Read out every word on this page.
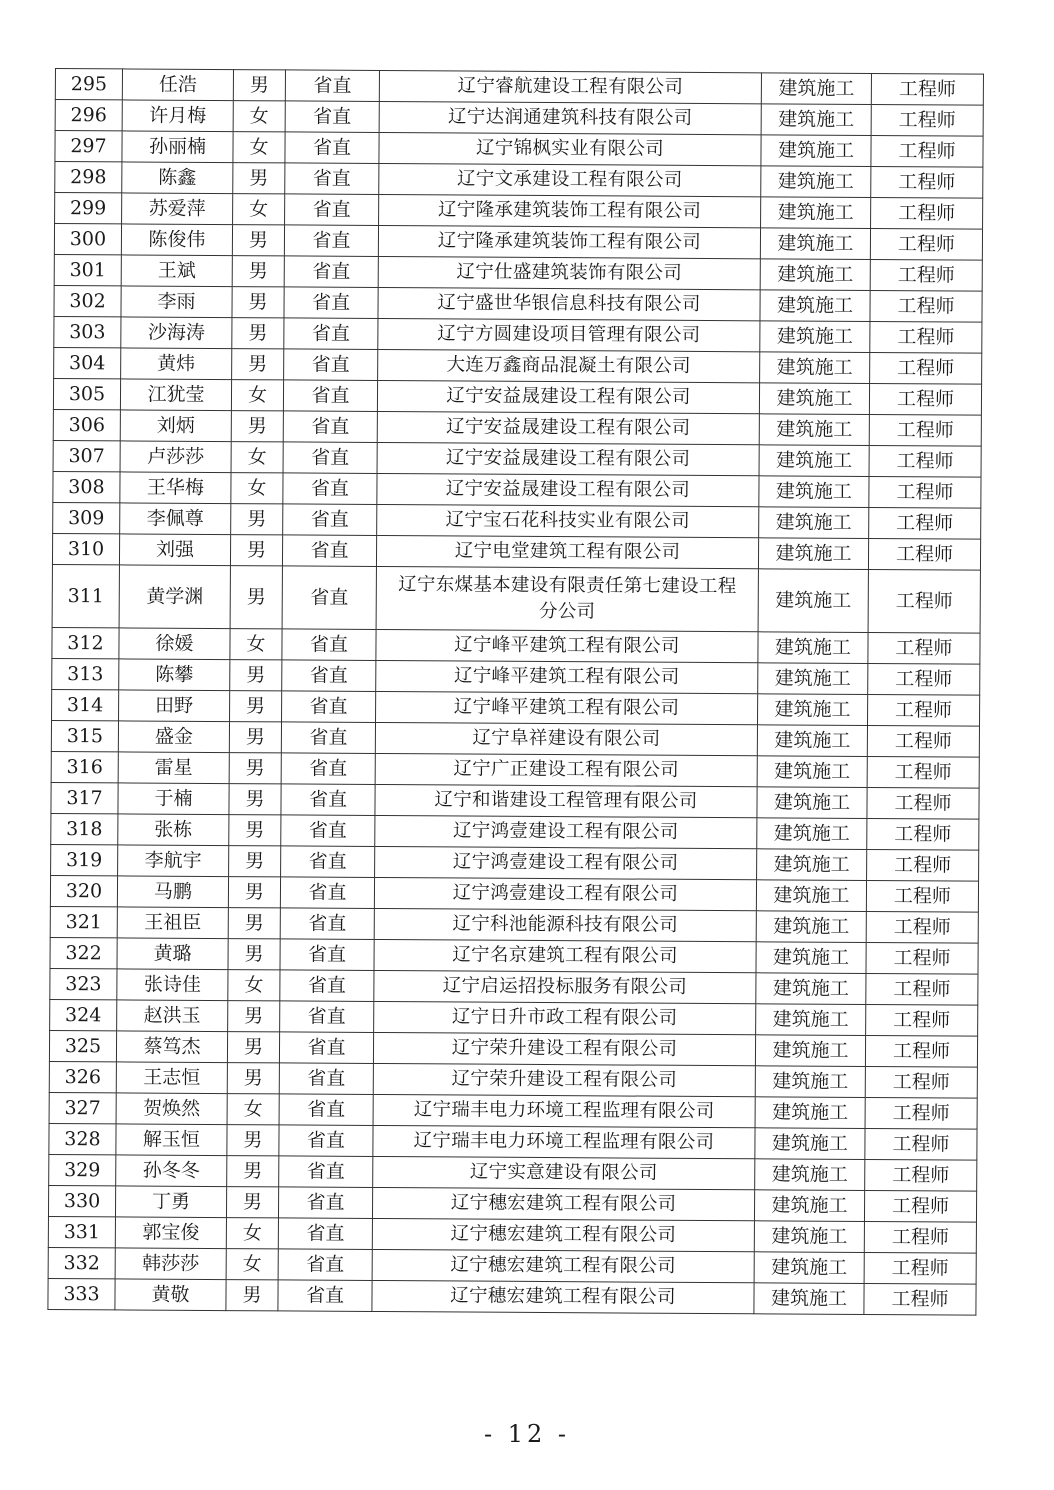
295	任浩	男	省直	辽宁睿航建设工程有限公司	建筑施工	工程师
296	许月梅	女	省直	辽宁达润通建筑科技有限公司	建筑施工	工程师
297	孙丽楠	女	省直	辽宁锦枫实业有限公司	建筑施工	工程师
298	陈鑫	男	省直	辽宁文承建设工程有限公司	建筑施工	工程师
299	苏爱萍	女	省直	辽宁隆承建筑装饰工程有限公司	建筑施工	工程师
300	陈俊伟	男	省直	辽宁隆承建筑装饰工程有限公司	建筑施工	工程师
301	王斌	男	省直	辽宁仕盛建筑装饰有限公司	建筑施工	工程师
302	李雨	男	省直	辽宁盛世华银信息科技有限公司	建筑施工	工程师
303	沙海涛	男	省直	辽宁方圆建设项目管理有限公司	建筑施工	工程师
304	黄炜	男	省直	大连万鑫商品混凝土有限公司	建筑施工	工程师
305	江犹莹	女	省直	辽宁安益晟建设工程有限公司	建筑施工	工程师
306	刘炳	男	省直	辽宁安益晟建设工程有限公司	建筑施工	工程师
307	卢莎莎	女	省直	辽宁安益晟建设工程有限公司	建筑施工	工程师
308	王华梅	女	省直	辽宁安益晟建设工程有限公司	建筑施工	工程师
309	李佩尊	男	省直	辽宁宝石花科技实业有限公司	建筑施工	工程师
310	刘强	男	省直	辽宁电堂建筑工程有限公司	建筑施工	工程师
311	黄学渊	男	省直	辽宁东煤基本建设有限责任第七建设工程分公司	建筑施工	工程师
312	徐媛	女	省直	辽宁峰平建筑工程有限公司	建筑施工	工程师
313	陈攀	男	省直	辽宁峰平建筑工程有限公司	建筑施工	工程师
314	田野	男	省直	辽宁峰平建筑工程有限公司	建筑施工	工程师
315	盛金	男	省直	辽宁阜祥建设有限公司	建筑施工	工程师
316	雷星	男	省直	辽宁广正建设工程有限公司	建筑施工	工程师
317	于楠	男	省直	辽宁和谐建设工程管理有限公司	建筑施工	工程师
318	张栋	男	省直	辽宁鸿壹建设工程有限公司	建筑施工	工程师
319	李航宇	男	省直	辽宁鸿壹建设工程有限公司	建筑施工	工程师
320	马鹏	男	省直	辽宁鸿壹建设工程有限公司	建筑施工	工程师
321	王祖臣	男	省直	辽宁科池能源科技有限公司	建筑施工	工程师
322	黄璐	男	省直	辽宁名京建筑工程有限公司	建筑施工	工程师
323	张诗佳	女	省直	辽宁启运招投标服务有限公司	建筑施工	工程师
324	赵洪玉	男	省直	辽宁日升市政工程有限公司	建筑施工	工程师
325	蔡笃杰	男	省直	辽宁荣升建设工程有限公司	建筑施工	工程师
326	王志恒	男	省直	辽宁荣升建设工程有限公司	建筑施工	工程师
327	贺焕然	女	省直	辽宁瑞丰电力环境工程监理有限公司	建筑施工	工程师
328	解玉恒	男	省直	辽宁瑞丰电力环境工程监理有限公司	建筑施工	工程师
329	孙冬冬	男	省直	辽宁实意建设有限公司	建筑施工	工程师
330	丁勇	男	省直	辽宁穗宏建筑工程有限公司	建筑施工	工程师
331	郭宝俊	女	省直	辽宁穗宏建筑工程有限公司	建筑施工	工程师
332	韩莎莎	女	省直	辽宁穗宏建筑工程有限公司	建筑施工	工程师
333	黄敬	男	省直	辽宁穗宏建筑工程有限公司	建筑施工	工程师
- 12 -
